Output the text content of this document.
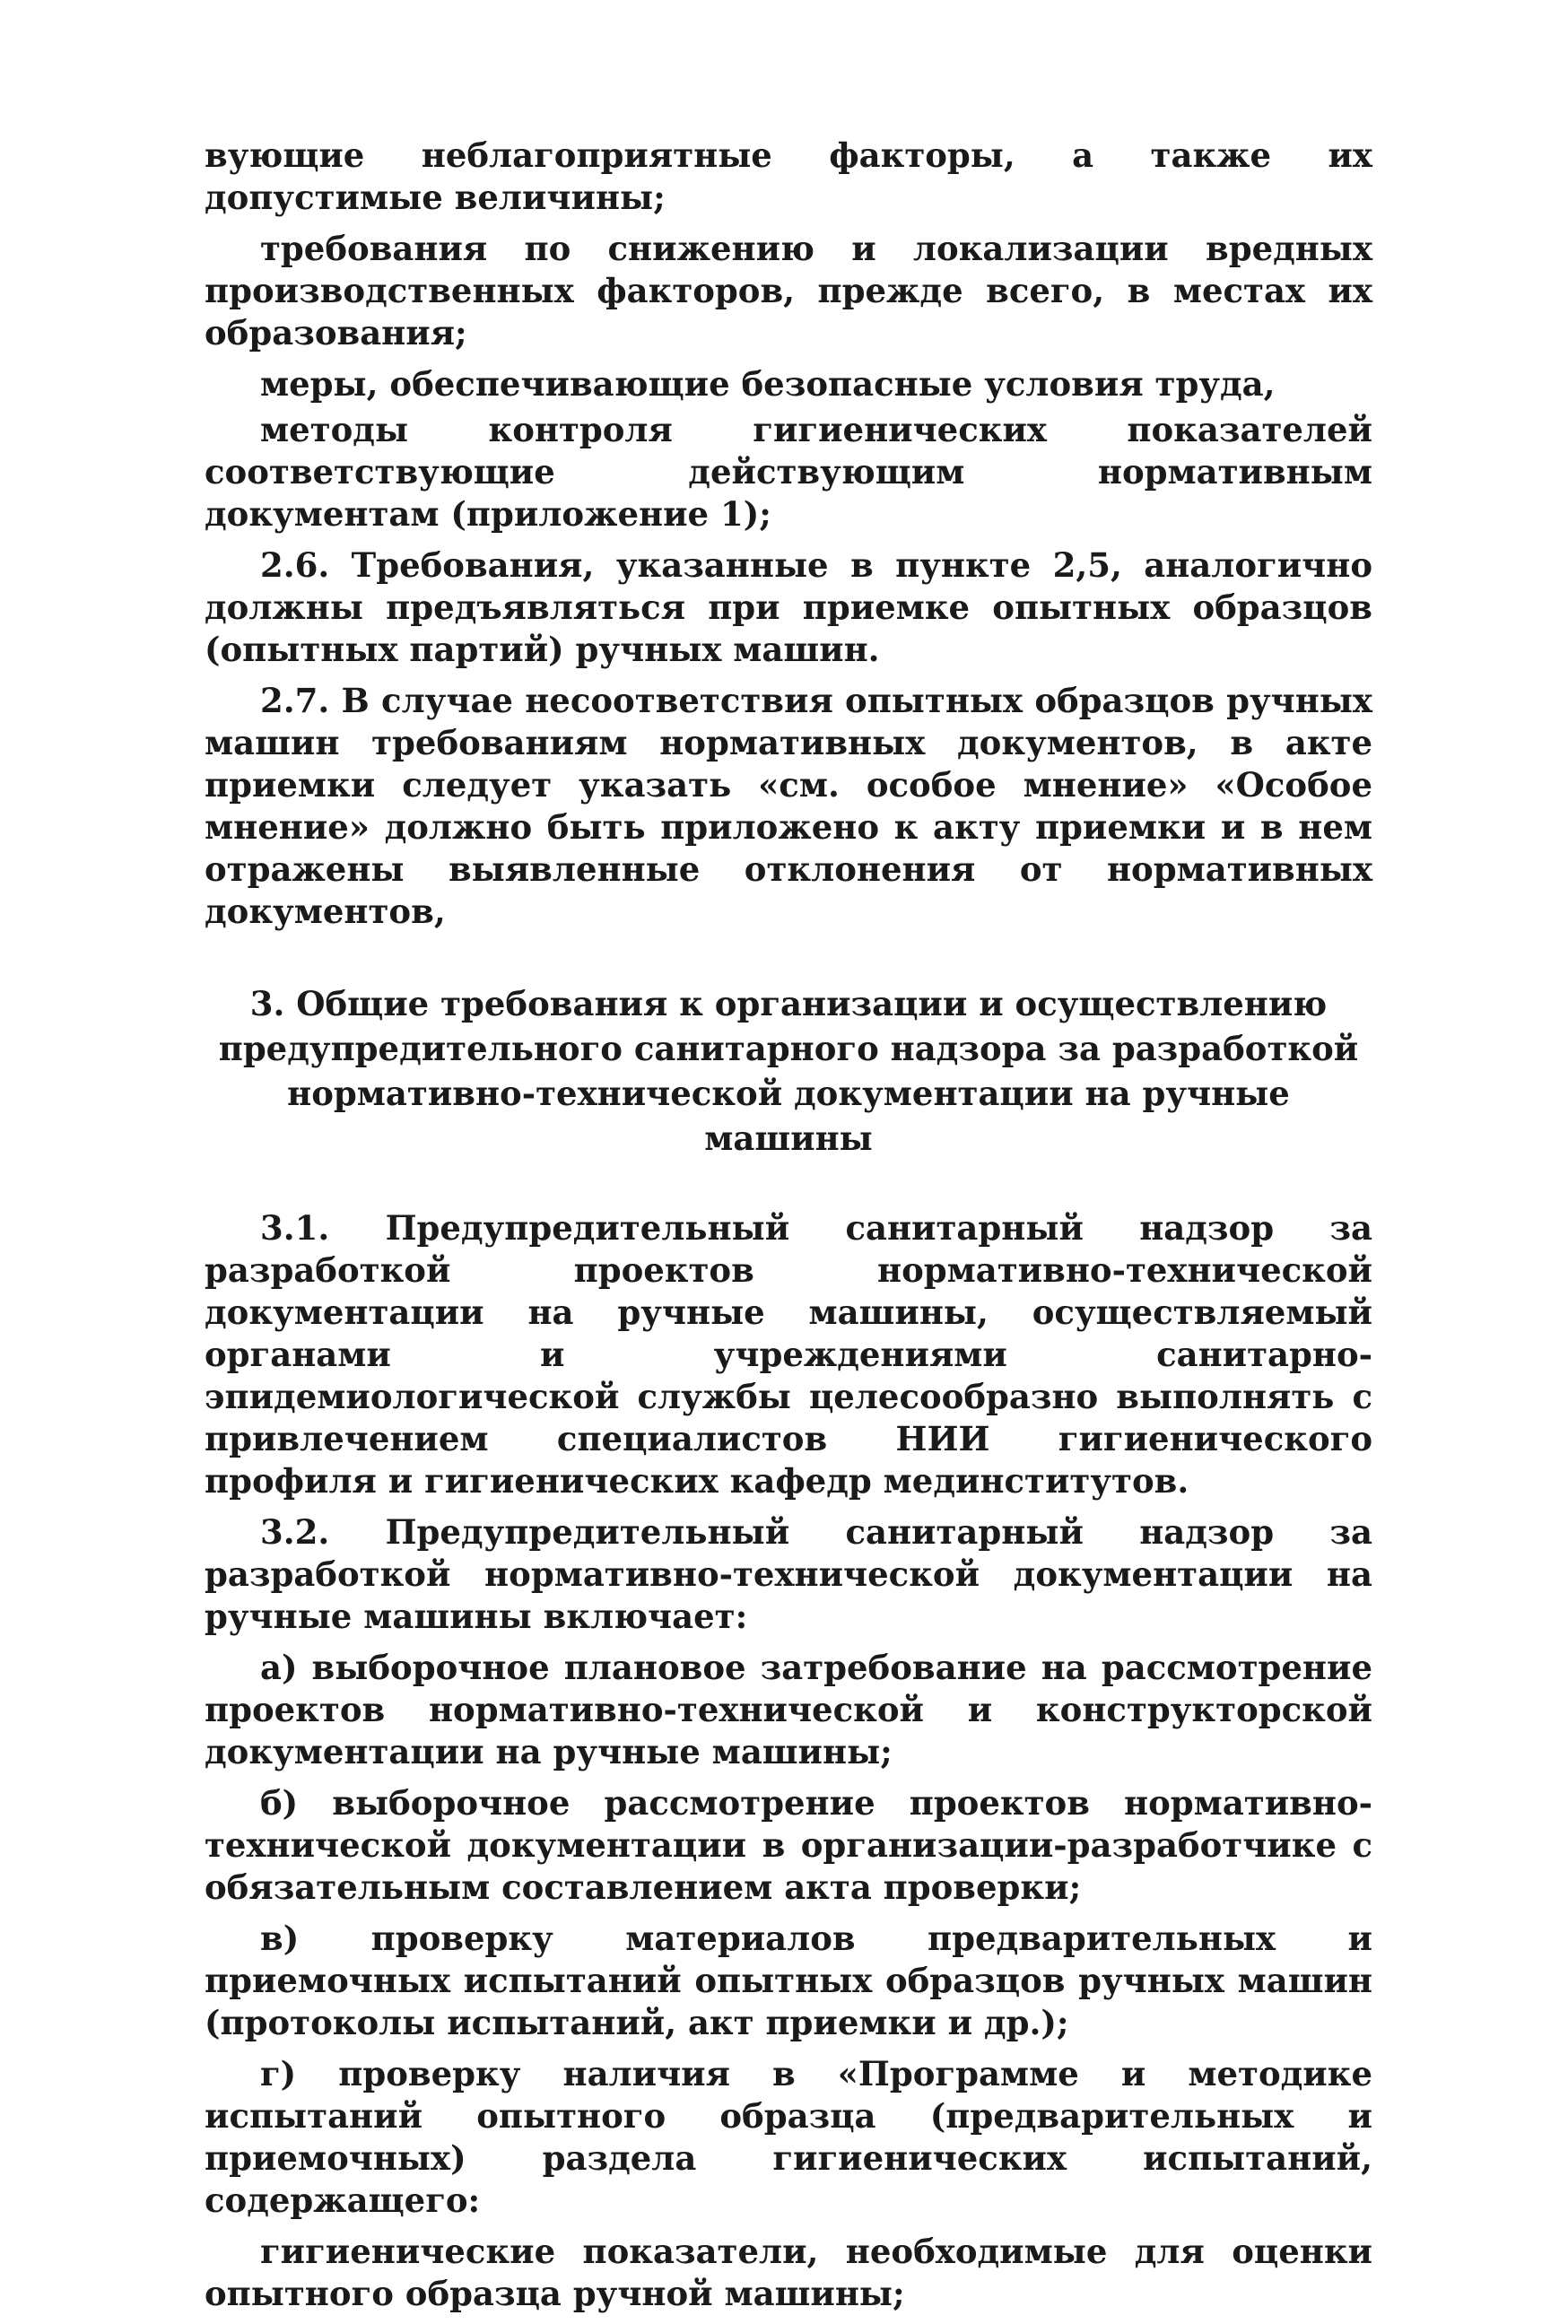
вующие неблагоприятные факторы, а также их допустимые величины;

требования по снижению и локализации вредных производственных факторов, прежде всего, в местах их образования;

меры, обеспечивающие безопасные условия труда,

методы контроля гигиенических показателей соответствующие действующим нормативным документам (приложение 1);

2.6. Требования, указанные в пункте 2,5, аналогично должны предъявляться при приемке опытных образцов (опытных партий) ручных машин.

2.7. В случае несоответствия опытных образцов ручных машин требованиям нормативных документов, в акте приемки следует указать «см. особое мнение» «Особое мнение» должно быть приложено к акту приемки и в нем отражены выявленные отклонения от нормативных документов,

3. Общие требования к организации и осуществлению предупредительного санитарного надзора за разработкой нормативно-технической документации на ручные машины

3.1. Предупредительный санитарный надзор за разработкой проектов нормативно-технической документации на ручные машины, осуществляемый органами и учреждениями санитарно-эпидемиологической службы целесообразно выполнять с привлечением специалистов НИИ гигиенического профиля и гигиенических кафедр мединститутов.

3.2. Предупредительный санитарный надзор за разработкой нормативно-технической документации на ручные машины включает:

а) выборочное плановое затребование на рассмотрение проектов нормативно-технической и конструкторской документации на ручные машины;

б) выборочное рассмотрение проектов нормативно-технической документации в организации-разработчике с обязательным составлением акта проверки;

в) проверку материалов предварительных и приемочных испытаний опытных образцов ручных машин (протоколы испытаний, акт приемки и др.);

г) проверку наличия в «Программе и методике испытаний опытного образца (предварительных и приемочных) раздела гигиенических испытаний, содержащего:

гигиенические показатели, необходимые для оценки опытного образца ручной машины;
